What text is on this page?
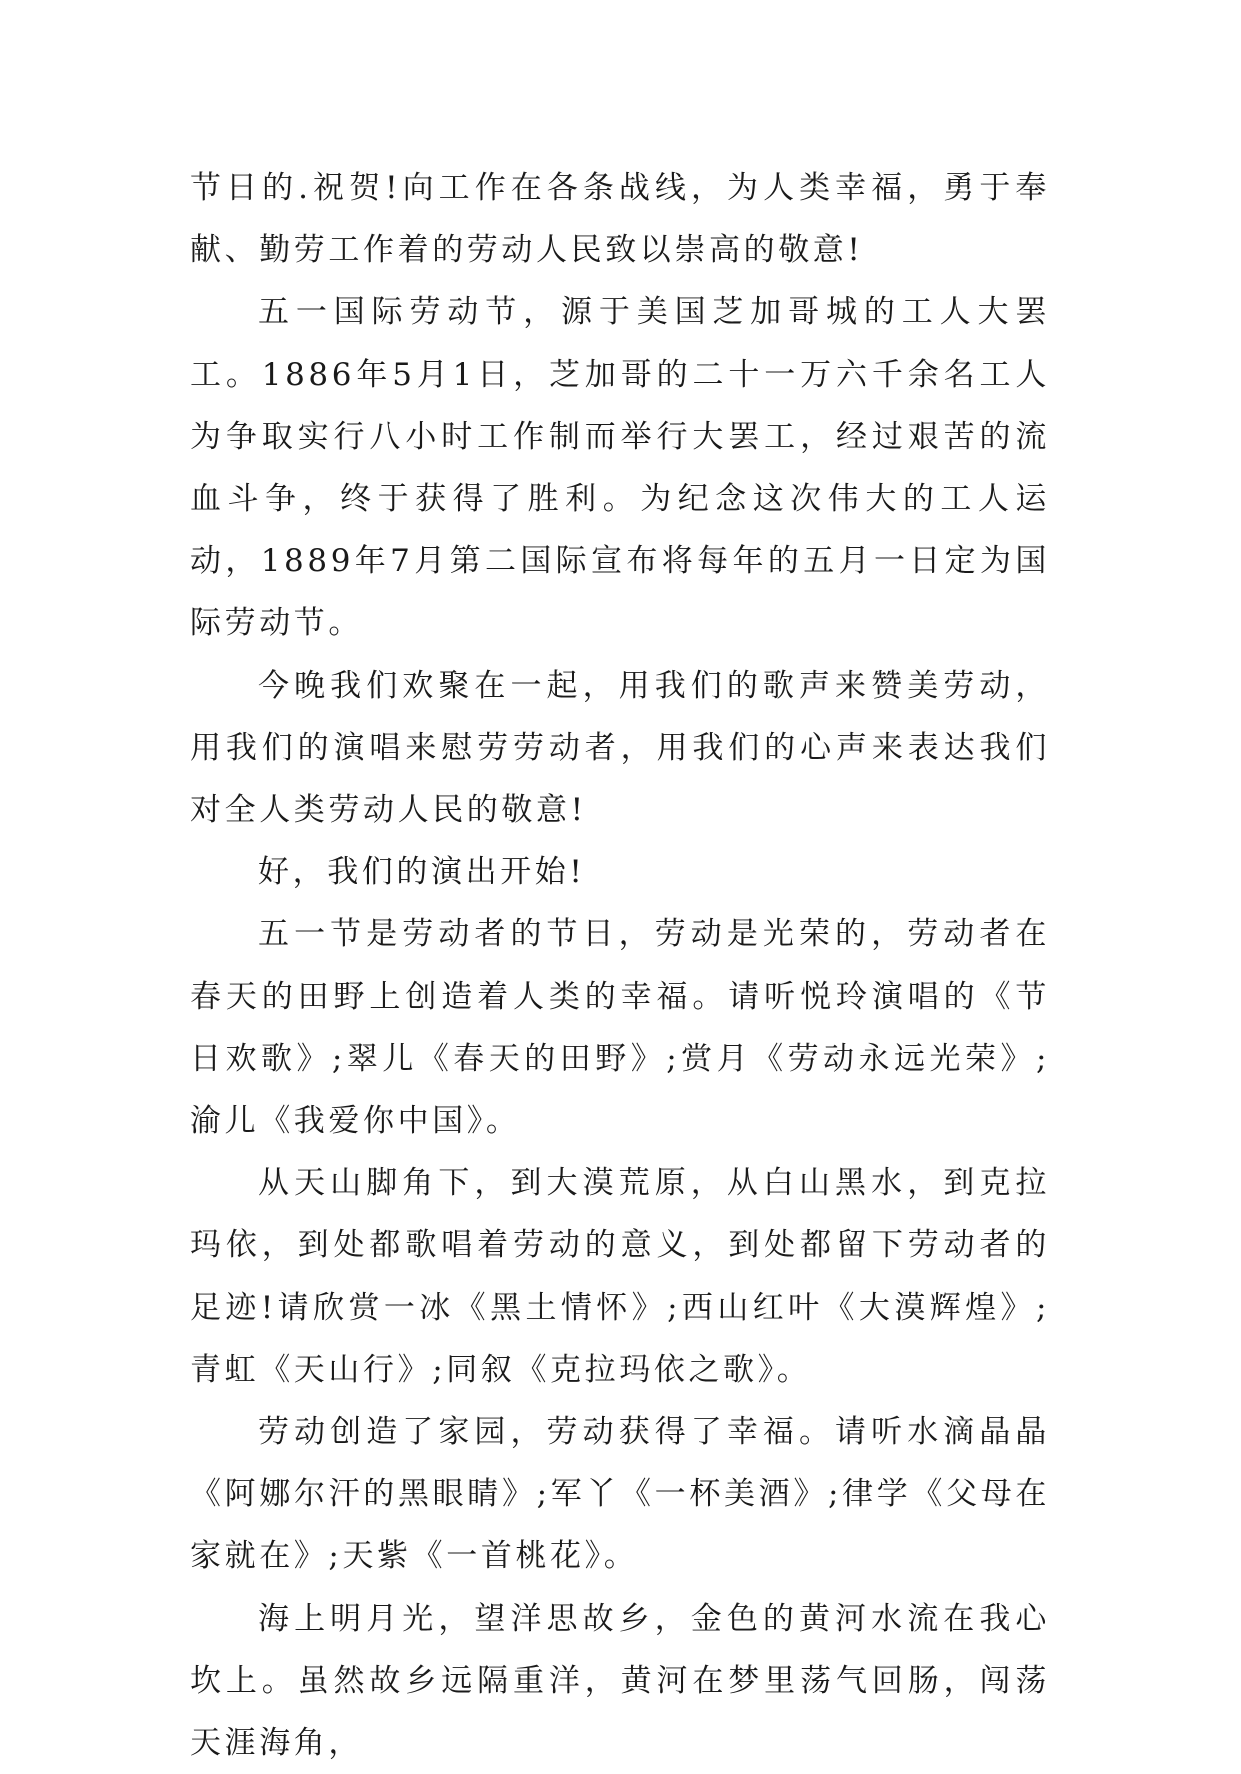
节日的.祝贺!向工作在各条战线，为人类幸福，勇于奉献、勤劳工作着的劳动人民致以崇高的敬意!

五一国际劳动节，源于美国芝加哥城的工人大罢工。1886年5月1日，芝加哥的二十一万六千余名工人为争取实行八小时工作制而举行大罢工，经过艰苦的流血斗争，终于获得了胜利。为纪念这次伟大的工人运动，1889年7月第二国际宣布将每年的五月一日定为国际劳动节。

今晚我们欢聚在一起，用我们的歌声来赞美劳动，用我们的演唱来慰劳劳动者，用我们的心声来表达我们对全人类劳动人民的敬意!

好，我们的演出开始!

五一节是劳动者的节日，劳动是光荣的，劳动者在春天的田野上创造着人类的幸福。请听悦玲演唱的《节日欢歌》;翠儿《春天的田野》;赏月《劳动永远光荣》;渝儿《我爱你中国》。

从天山脚角下，到大漠荒原，从白山黑水，到克拉玛依，到处都歌唱着劳动的意义，到处都留下劳动者的足迹!请欣赏一冰《黑土情怀》;西山红叶《大漠辉煌》;青虹《天山行》;同叙《克拉玛依之歌》。

劳动创造了家园，劳动获得了幸福。请听水滴晶晶《阿娜尔汗的黑眼睛》;军丫《一杯美酒》;律学《父母在家就在》;天紫《一首桃花》。

海上明月光，望洋思故乡，金色的黄河水流在我心坎上。虽然故乡远隔重洋，黄河在梦里荡气回肠，闯荡天涯海角，
